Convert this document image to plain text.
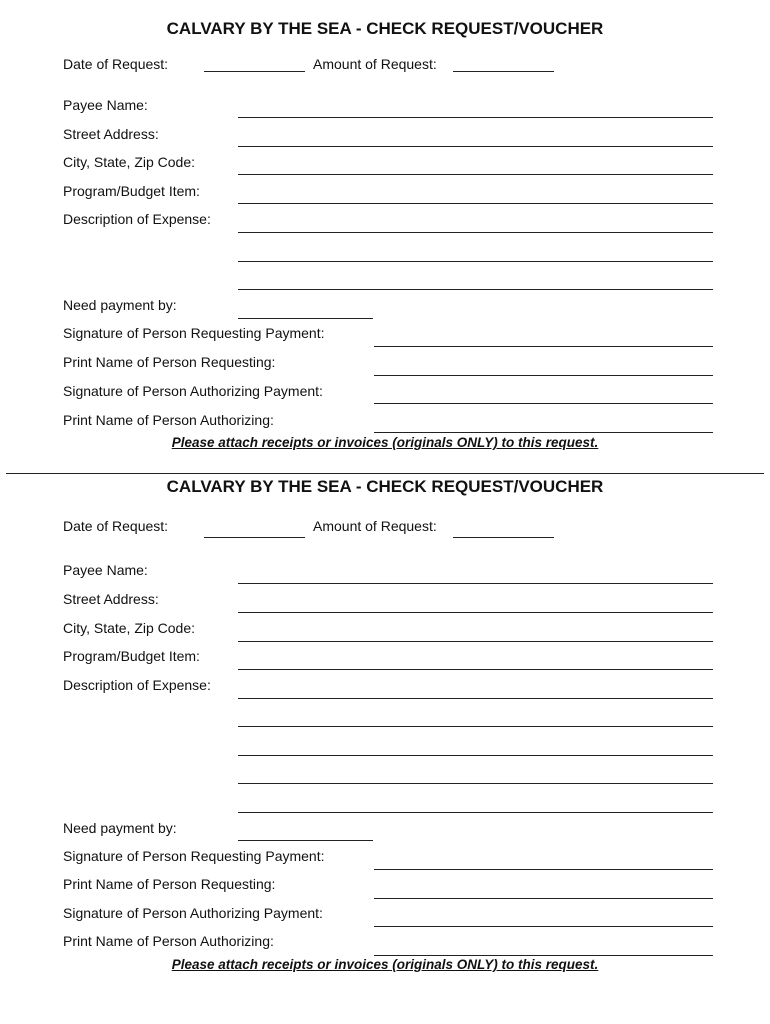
CALVARY BY THE SEA - CHECK REQUEST/VOUCHER
Date of Request:	Amount of Request:
Payee Name:
Street Address:
City, State, Zip Code:
Program/Budget Item:
Description of Expense:
Need payment by:
Signature of Person Requesting Payment:
Print Name of Person Requesting:
Signature of Person Authorizing Payment:
Print Name of Person Authorizing:
Please attach receipts or invoices (originals ONLY) to this request.
CALVARY BY THE SEA - CHECK REQUEST/VOUCHER
Date of Request:	Amount of Request:
Payee Name:
Street Address:
City, State, Zip Code:
Program/Budget Item:
Description of Expense:
Need payment by:
Signature of Person Requesting Payment:
Print Name of Person Requesting:
Signature of Person Authorizing Payment:
Print Name of Person Authorizing:
Please attach receipts or invoices (originals ONLY) to this request.
